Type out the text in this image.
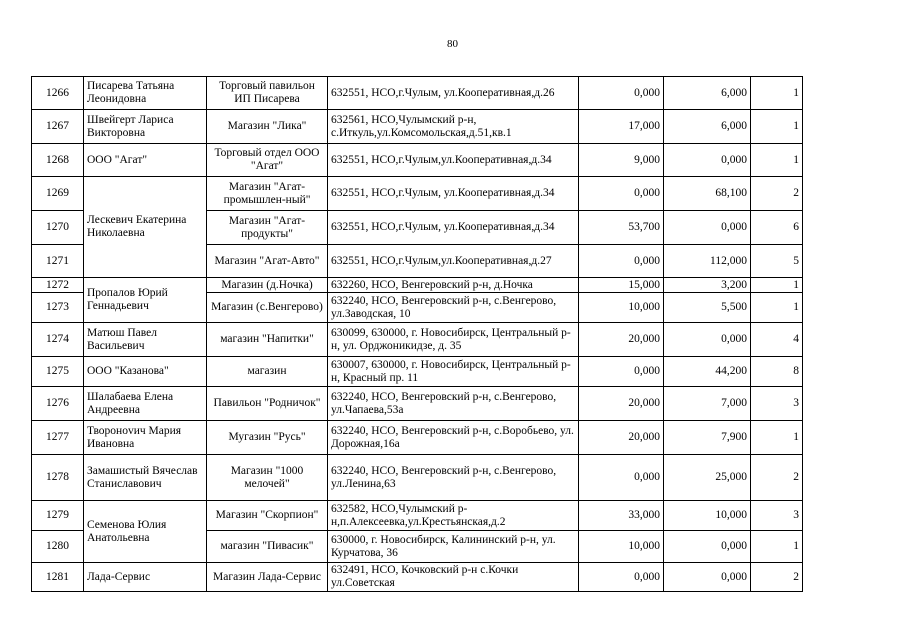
80
1266	Писарева Татьяна Леонидовна	Торговый павильон ИП Писарева	632551, НСО,г.Чулым, ул.Кооперативная,д.26	0,000	6,000	1
1267	Швейгерт Лариса Викторовна	Магазин "Лика"	632561, НСО,Чулымский р-н, с.Иткуль,ул.Комсомольская,д.51,кв.1	17,000	6,000	1
1268	ООО "Агат"	Торговый отдел ООО "Агат"	632551, НСО,г.Чулым,ул.Кооперативная,д.34	9,000	0,000	1
1269	Лескевич Екатерина Николаевна	Магазин "Агат-промышлен-ный"	632551, НСО,г.Чулым, ул.Кооперативная,д.34	0,000	68,100	2
1270		Магазин "Агат-продукты"	632551, НСО,г.Чулым, ул.Кооперативная,д.34	53,700	0,000	6
1271		Магазин "Агат-Авто"	632551, НСО,г.Чулым,ул.Кооперативная,д.27	0,000	112,000	5
1272	Пропалов Юрий Геннадьевич	Магазин (д.Ночка)	632260, НСО, Венгеровский р-н, д.Ночка	15,000	3,200	1
1273		Магазин (с.Венгерово)	632240, НСО, Венгеровский р-н, с.Венгерово, ул.Заводская, 10	10,000	5,500	1
1274	Матюш Павел Васильевич	магазин "Напитки"	630099, 630000, г. Новосибирск, Центральный р-н, ул. Орджоникидзе, д. 35	20,000	0,000	4
1275	ООО "Казанова"	магазин	630007, 630000, г. Новосибирск, Центральный р-н, Красный пр. 11	0,000	44,200	8
1276	Шалабаева Елена Андреевна	Павильон "Родничок"	632240, НСО, Венгеровский р-н, с.Венгерово, ул.Чапаева,53а	20,000	7,000	3
1277	Твороноvич Мария Ивановна	Мугазин "Русь"	632240, НСО, Венгеровский р-н, с.Воробьево, ул. Дорожная,16а	20,000	7,900	1
1278	Замашистый Вячеслав Станиславович	Магазин "1000 мелочей"	632240, НСО, Венгеровский р-н, с.Венгерово, ул.Ленина,63	0,000	25,000	2
1279	Семенова Юлия Анатольевна	Магазин "Скорпион"	632582, НСО,Чулымский р-н,п.Алексеевка,ул.Крестьянская,д.2	33,000	10,000	3
1280		магазин "Пивасик"	630000, г. Новосибирск, Калининский р-н, ул. Курчатова, 36	10,000	0,000	1
1281	Лада-Сервис	Магазин Лада-Сервис	632491, НСО, Кочковский р-н с.Кочки ул.Советская	0,000	0,000	2
